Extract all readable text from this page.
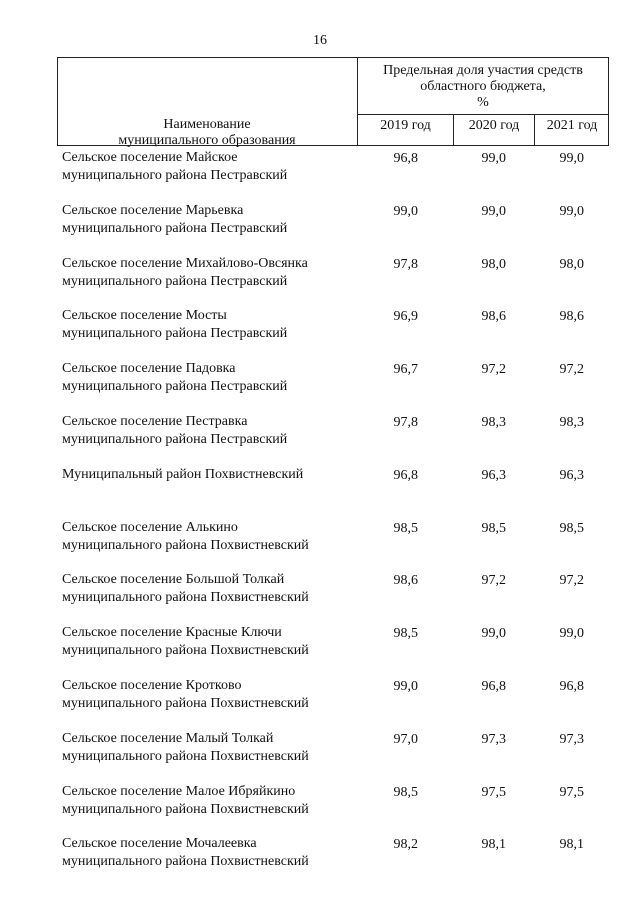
16
Наименование
муниципального образования
Предельная доля участия средств
областного бюджета,
%
2019 год	2020 год	2021 год
Сельское поселение Майское
муниципального района Пестравский
96,8	99,0	99,0
Сельское поселение Марьевка
муниципального района Пестравский
99,0	99,0	99,0
Сельское поселение Михайлово-Овсянка
муниципального района Пестравский
97,8	98,0	98,0
Сельское поселение Мосты
муниципального района Пестравский
96,9	98,6	98,6
Сельское поселение Падовка
муниципального района Пестравский
96,7	97,2	97,2
Сельское поселение Пестравка
муниципального района Пестравский
97,8	98,3	98,3
Муниципальный район Похвистневский	96,8	96,3	96,3
Сельское поселение Алькино
муниципального района Похвистневский
98,5	98,5	98,5
Сельское поселение Большой Толкай
муниципального района Похвистневский
98,6	97,2	97,2
Сельское поселение Красные Ключи
муниципального района Похвистневский
98,5	99,0	99,0
Сельское поселение Кротково
муниципального района Похвистневский
99,0	96,8	96,8
Сельское поселение Малый Толкай
муниципального района Похвистневский
97,0	97,3	97,3
Сельское поселение Малое Ибряйкино
муниципального района Похвистневский
98,5	97,5	97,5
Сельское поселение Мочалеевка
муниципального района Похвистневский
98,2	98,1	98,1
